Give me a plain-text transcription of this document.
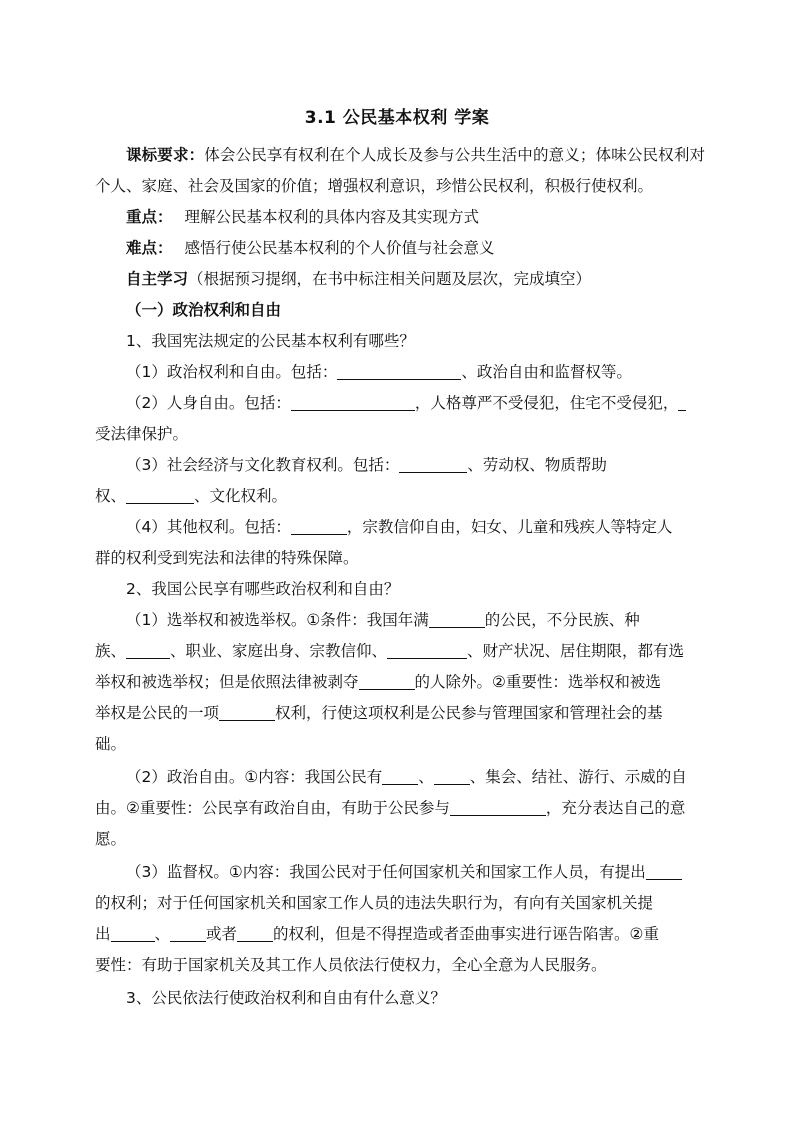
3.1 公民基本权利 学案
课标要求：体会公民享有权利在个人成长及参与公共生活中的意义；体味公民权利对个人、家庭、社会及国家的价值；增强权利意识，珍惜公民权利，积极行使权利。
重点： 理解公民基本权利的具体内容及其实现方式
难点： 感悟行使公民基本权利的个人价值与社会意义
自主学习（根据预习提纲，在书中标注相关问题及层次，完成填空）
（一）政治权利和自由
1、我国宪法规定的公民基本权利有哪些？
（1）政治权利和自由。包括：	、政治自由和监督权等。
（2）人身自由。包括：	，人格尊严不受侵犯，住宅不受侵犯，
受法律保护。
（3）社会经济与文化教育权利。包括：	、劳动权、物质帮助
权、	、文化权利。
（4）其他权利。包括：	，宗教信仰自由，妇女、儿童和残疾人等特定人
群的权利受到宪法和法律的特殊保障。
2、我国公民享有哪些政治权利和自由？
（1）选举权和被选举权。①条件：我国年满	的公民，不分民族、种
族、	、职业、家庭出身、宗教信仰、	、财产状况、居住期限，都有选
举权和被选举权；但是依照法律被剥夺	的人除外。②重要性：选举权和被选
举权是公民的一项	权利，行使这项权利是公民参与管理国家和管理社会的基
础。
（2）政治自由。①内容：我国公民有 、 、集会、结社、游行、示威的自
由。②重要性：公民享有政治自由，有助于公民参与	，充分表达自己的意
愿。
（3）监督权。①内容：我国公民对于任何国家机关和国家工作人员，有提出
的权利；对于任何国家机关和国家工作人员的违法失职行为，有向有关国家机关提
出	、 或者 的权利，但是不得捏造或者歪曲事实进行诬告陷害。②重
要性：有助于国家机关及其工作人员依法行使权力，全心全意为人民服务。
3、公民依法行使政治权利和自由有什么意义？
